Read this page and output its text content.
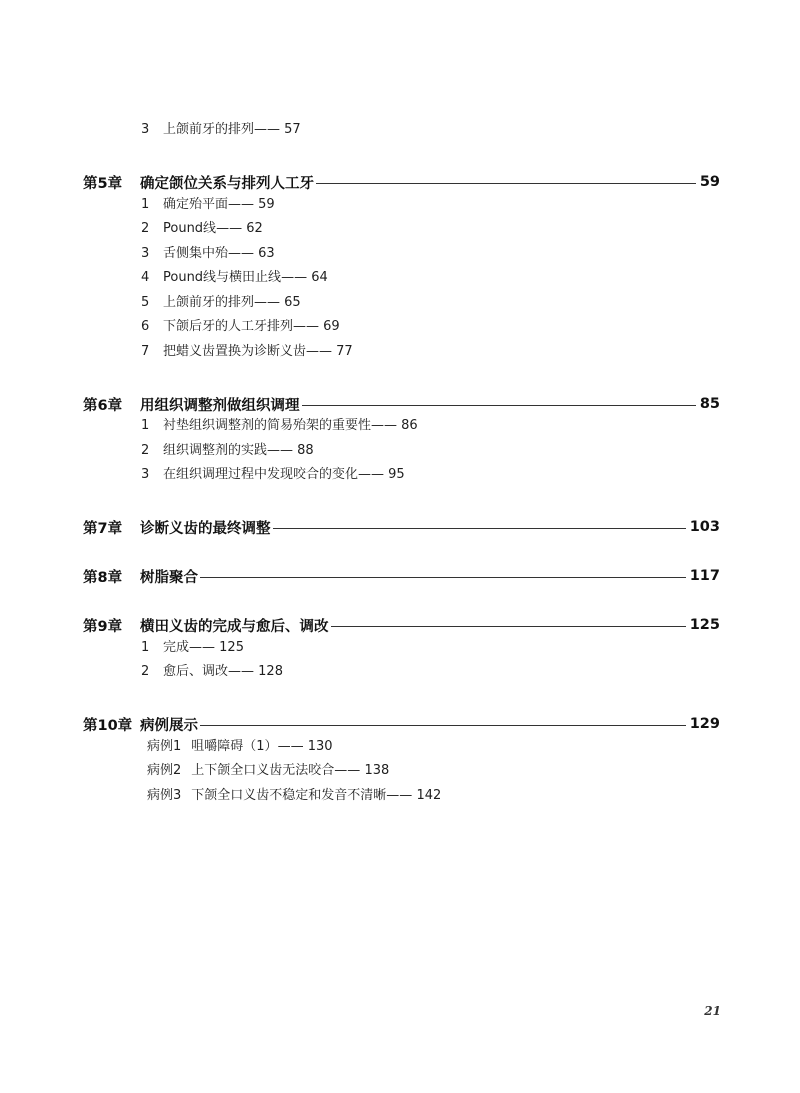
3 上颌前牙的排列—— 57
第5章	确定颌位关系与排列人工牙	59
1 确定殆平面—— 59
2 Pound线—— 62
3 舌侧集中殆—— 63
4 Pound线与横田止线—— 64
5 上颌前牙的排列—— 65
6 下颌后牙的人工牙排列—— 69
7 把蜡义齿置换为诊断义齿—— 77
第6章	用组织调整剂做组织调理	85
1 衬垫组织调整剂的简易殆架的重要性—— 86
2 组织调整剂的实践—— 88
3 在组织调理过程中发现咬合的变化—— 95
第7章	诊断义齿的最终调整	103
第8章	树脂聚合	117
第9章	横田义齿的完成与愈后、调改	125
1 完成—— 125
2 愈后、调改—— 128
第10章 病例展示	129
病例1 咀嚼障碍（1）—— 130
病例2 上下颌全口义齿无法咬合—— 138
病例3 下颌全口义齿不稳定和发音不清晰—— 142
21
